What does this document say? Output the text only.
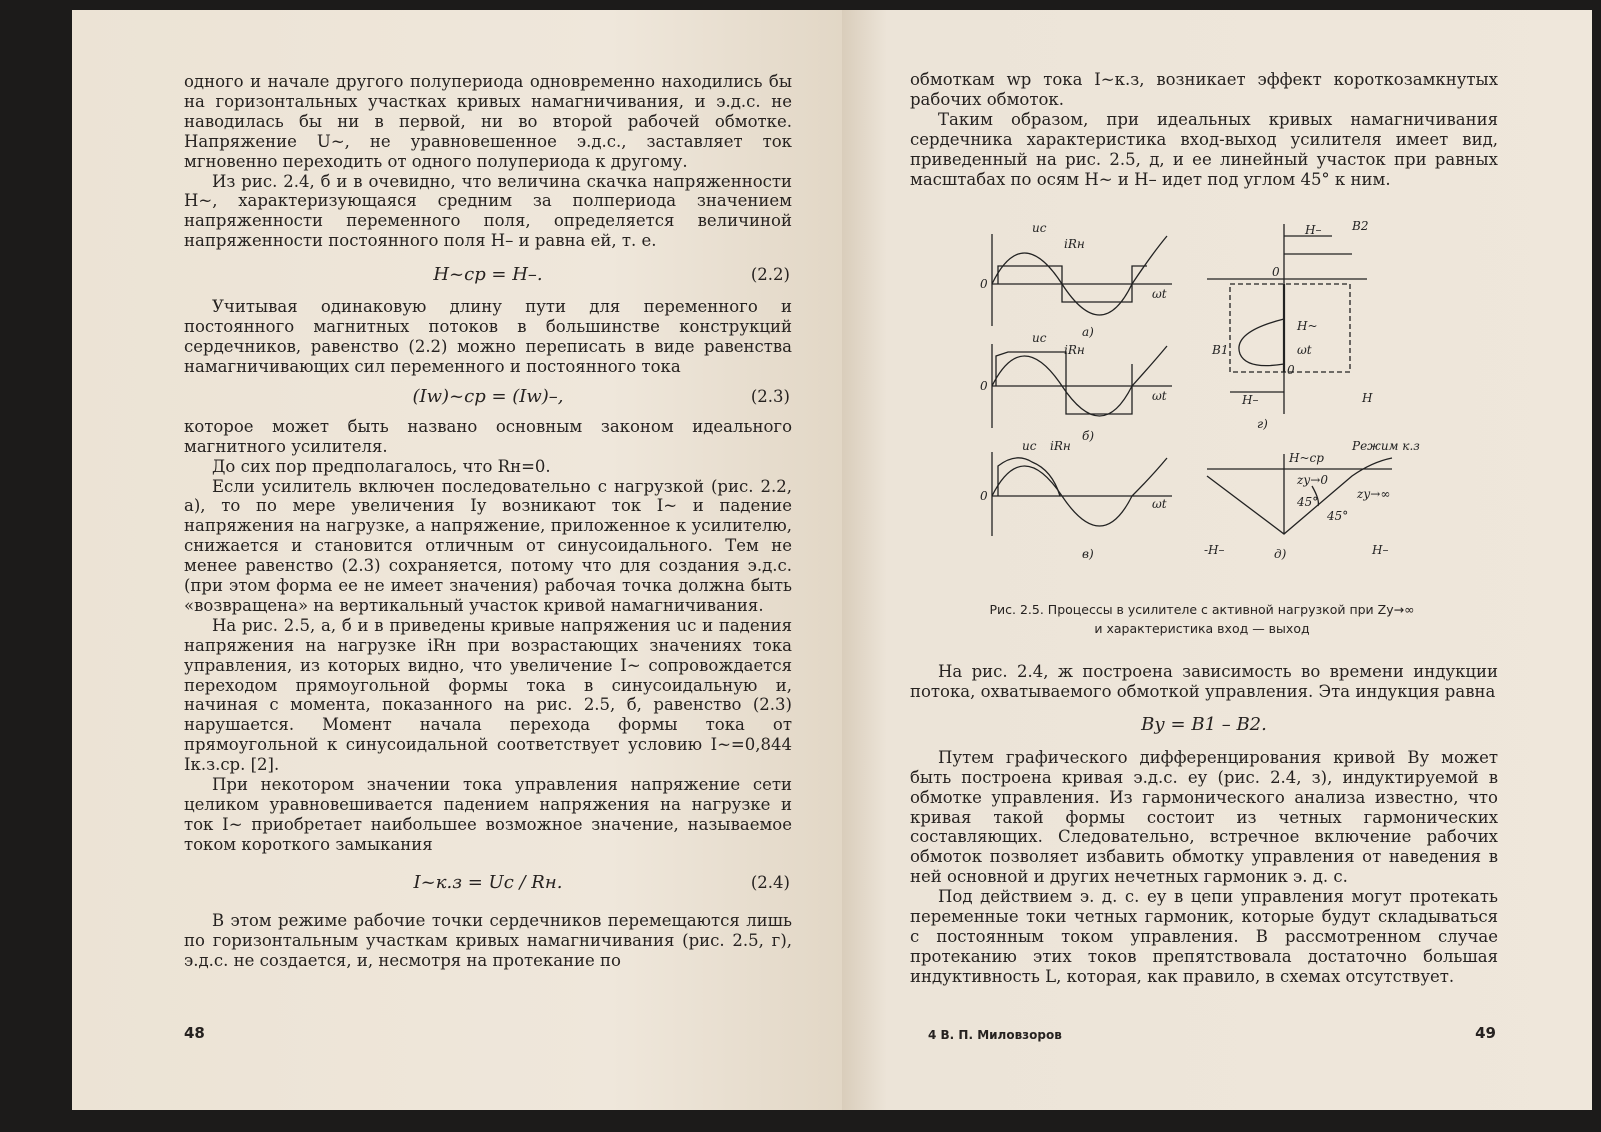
одного и начале другого полупериода одновременно находились бы на горизонтальных участках кривых намагничивания, и э.д.с. не наводилась бы ни в первой, ни во второй рабочей обмотке. Напряжение U~, не уравновешенное э.д.с., заставляет ток мгновенно переходить от одного полупериода к другому.

Из рис. 2.4, б и в очевидно, что величина скачка напряженности H~, характеризующаяся средним за полпериода значением напряженности переменного поля, определяется величиной напряженности постоянного поля H– и равна ей, т. е.

H~ср = H–.	(2.2)

Учитывая одинаковую длину пути для переменного и постоянного магнитных потоков в большинстве конструкций сердечников, равенство (2.2) можно переписать в виде равенства намагничивающих сил переменного и постоянного тока

(Iw)~ср = (Iw)–,	(2.3)

которое может быть названо основным законом идеального магнитного усилителя.

До сих пор предполагалось, что Rн=0.

Если усилитель включен последовательно с нагрузкой (рис. 2.2, а), то по мере увеличения Iу возникают ток I~ и падение напряжения на нагрузке, а напряжение, приложенное к усилителю, снижается и становится отличным от синусоидального. Тем не менее равенство (2.3) сохраняется, потому что для создания э.д.с. (при этом форма ее не имеет значения) рабочая точка должна быть «возвращена» на вертикальный участок кривой намагничивания.

На рис. 2.5, а, б и в приведены кривые напряжения uс и падения напряжения на нагрузке iRн при возрастающих значениях тока управления, из которых видно, что увеличение I~ сопровождается переходом прямоугольной формы тока в синусоидальную и, начиная с момента, показанного на рис. 2.5, б, равенство (2.3) нарушается. Момент начала перехода формы тока от прямоугольной к синусоидальной соответствует условию I~=0,844 Iк.з.ср. [2].

При некотором значении тока управления напряжение сети целиком уравновешивается падением напряжения на нагрузке и ток I~ приобретает наибольшее возможное значение, называемое током короткого замыкания

I~к.з = Uс / Rн.	(2.4)

В этом режиме рабочие точки сердечников перемещаются лишь по горизонтальным участкам кривых намагничивания (рис. 2.5, г), э.д.с. не создается, и, несмотря на протекание по

48

обмоткам wр тока I~к.з, возникает эффект короткозамкнутых рабочих обмоток.

Таким образом, при идеальных кривых намагничивания сердечника характеристика вход-выход усилителя имеет вид, приведенный на рис. 2.5, д, и ее линейный участок при равных масштабах по осям H~ и H– идет под углом 45° к ним.

uc
iRн
0
ωt
а)
uc
iRн
0
ωt
б)
uc iRн
0
ωt
в)
H–	B2
0
H~
ωt
B1
0
H–	H
г)
H~ср
Режим к.з
zу→0
zу→∞
45°
45°
-H–	д)	H–
Рис. 2.5. Процессы в усилителе с активной нагрузкой при Zу→∞
и характеристика вход — выход

На рис. 2.4, ж построена зависимость во времени индукции потока, охватываемого обмоткой управления. Эта индукция равна

Bу = B1 – B2.

Путем графического дифференцирования кривой Bу может быть построена кривая э.д.с. eу (рис. 2.4, з), индуктируемой в обмотке управления. Из гармонического анализа известно, что кривая такой формы состоит из четных гармонических составляющих. Следовательно, встречное включение рабочих обмоток позволяет избавить обмотку управления от наведения в ней основной и других нечетных гармоник э. д. с.

Под действием э. д. с. eу в цепи управления могут протекать переменные токи четных гармоник, которые будут складываться с постоянным током управления. В рассмотренном случае протеканию этих токов препятствовала достаточно большая индуктивность L, которая, как правило, в схемах отсутствует.

4 В. П. Миловзоров	49
